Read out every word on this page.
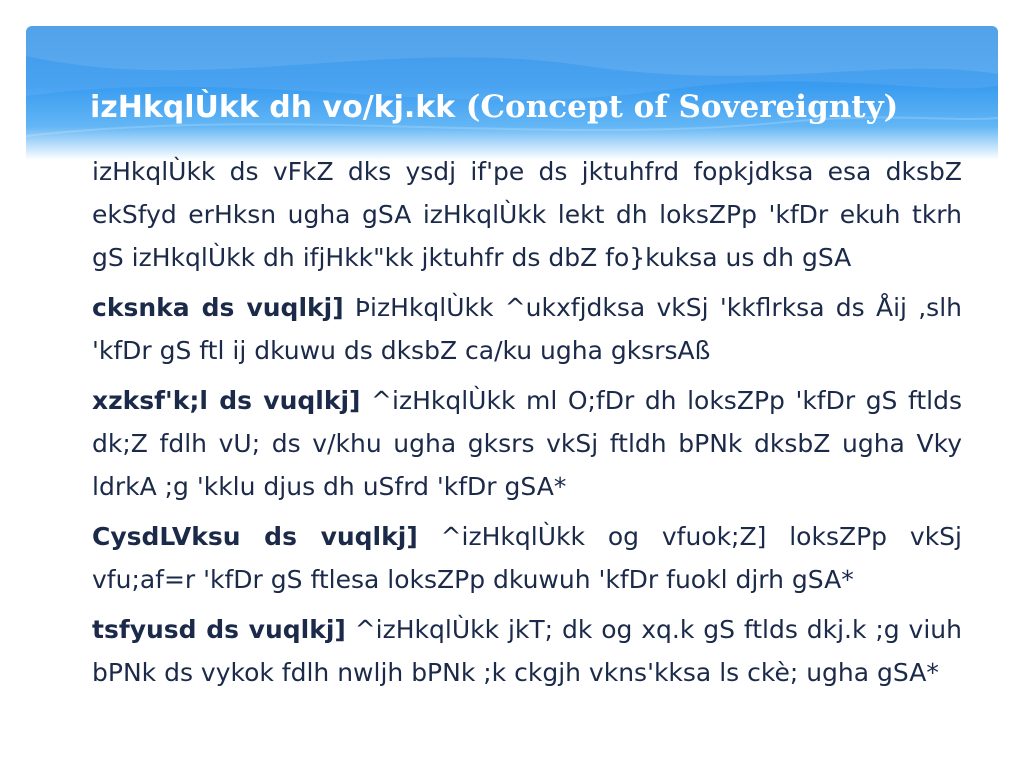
izHkqlÙkk dh vo/kj.kk (Concept of Sovereignty)

izHkqlÙkk ds vFkZ dks ysdj if'pe ds jktuhfrd fopkjdksa esa dksbZ ekSfyd erHksn ugha gSA izHkqlÙkk lekt dh loksZPp 'kfDr ekuh tkrh gS izHkqlÙkk dh ifjHkk"kk jktuhfr ds dbZ fo}kuksa us dh gSA

cksnka ds vuqlkj] ÞizHkqlÙkk ^ukxfjdksa vkSj 'kkflrksa ds Åij ,slh 'kfDr gS ftl ij dkuwu ds dksbZ ca/ku ugha gksrsAß

xzksf'k;l ds vuqlkj] ^izHkqlÙkk ml O;fDr dh loksZPp 'kfDr gS ftlds dk;Z fdlh vU; ds v/khu ugha gksrs vkSj ftldh bPNk dksbZ ugha Vky ldrkA ;g 'kklu djus dh uSfrd 'kfDr gSA*

CysdLVksu ds vuqlkj] ^izHkqlÙkk og vfuok;Z] loksZPp vkSj vfu;af=r 'kfDr gS ftlesa loksZPp dkuwuh 'kfDr fuokl djrh gSA*

tsfyusd ds vuqlkj] ^izHkqlÙkk jkT; dk og xq.k gS ftlds dkj.k ;g viuh bPNk ds vykok fdlh nwljh bPNk ;k ckgjh vkns'kksa ls ckè; ugha gSA*
